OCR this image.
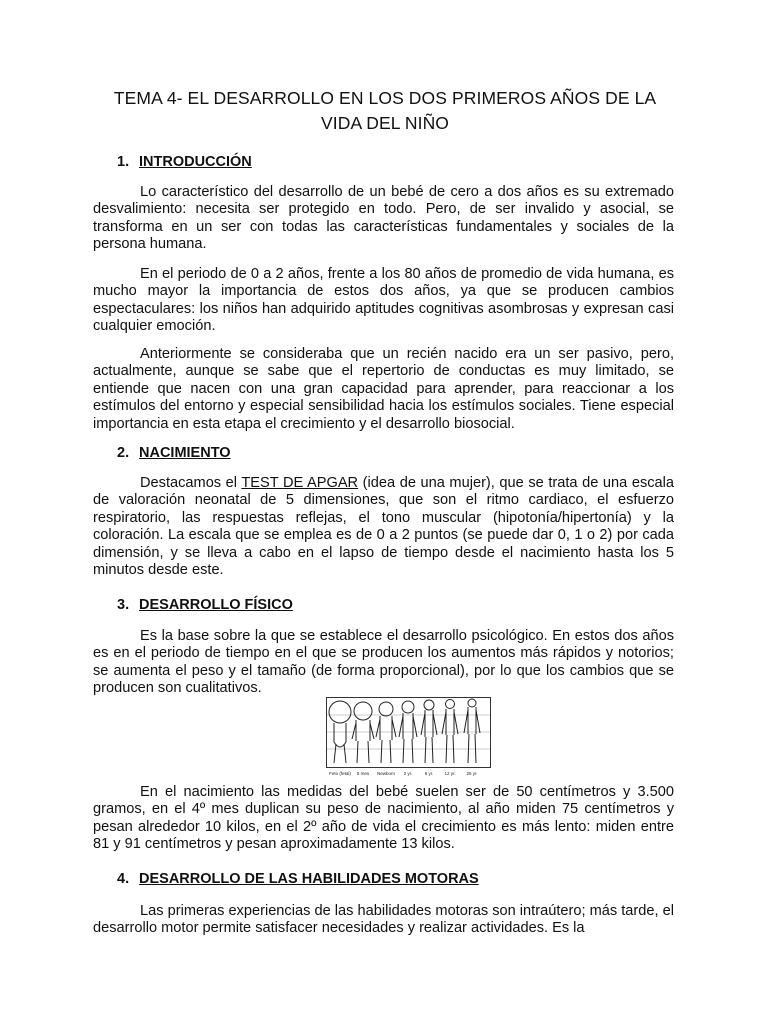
TEMA 4- EL DESARROLLO EN LOS DOS PRIMEROS AÑOS DE LA
VIDA DEL NIÑO
1. INTRODUCCIÓN

Lo característico del desarrollo de un bebé de cero a dos años es su extremado desvalimiento: necesita ser protegido en todo. Pero, de ser invalido y asocial, se transforma en un ser con todas las características fundamentales y sociales de la persona humana.

En el periodo de 0 a 2 años, frente a los 80 años de promedio de vida humana, es mucho mayor la importancia de estos dos años, ya que se producen cambios espectaculares: los niños han adquirido aptitudes cognitivas asombrosas y expresan casi cualquier emoción.

Anteriormente se consideraba que un recién nacido era un ser pasivo, pero, actualmente, aunque se sabe que el repertorio de conductas es muy limitado, se entiende que nacen con una gran capacidad para aprender, para reaccionar a los estímulos del entorno y especial sensibilidad hacia los estímulos sociales. Tiene especial importancia en esta etapa el crecimiento y el desarrollo biosocial.

2. NACIMIENTO

Destacamos el TEST DE APGAR (idea de una mujer), que se trata de una escala de valoración neonatal de 5 dimensiones, que son el ritmo cardiaco, el esfuerzo respiratorio, las respuestas reflejas, el tono muscular (hipotonía/hipertonía) y la coloración. La escala que se emplea es de 0 a 2 puntos (se puede dar 0, 1 o 2) por cada dimensión, y se lleva a cabo en el lapso de tiempo desde el nacimiento hasta los 5 minutos desde este.

3. DESARROLLO FÍSICO

Es la base sobre la que se establece el desarrollo psicológico. En estos dos años es en el periodo de tiempo en el que se producen los aumentos más rápidos y notorios; se aumenta el peso y el tamaño (de forma proporcional), por lo que los cambios que se producen son cualitativos.

Feto (fetal) 5 mes Newborn 2 yr.	6 yr. 12 yr. 25 yr.

En el nacimiento las medidas del bebé suelen ser de 50 centímetros y 3.500 gramos, en el 4º mes duplican su peso de nacimiento, al año miden 75 centímetros y pesan alrededor 10 kilos, en el 2º año de vida el crecimiento es más lento: miden entre 81 y 91 centímetros y pesan aproximadamente 13 kilos.

4. DESARROLLO DE LAS HABILIDADES MOTORAS

Las primeras experiencias de las habilidades motoras son intraútero; más tarde, el desarrollo motor permite satisfacer necesidades y realizar actividades. Es la
